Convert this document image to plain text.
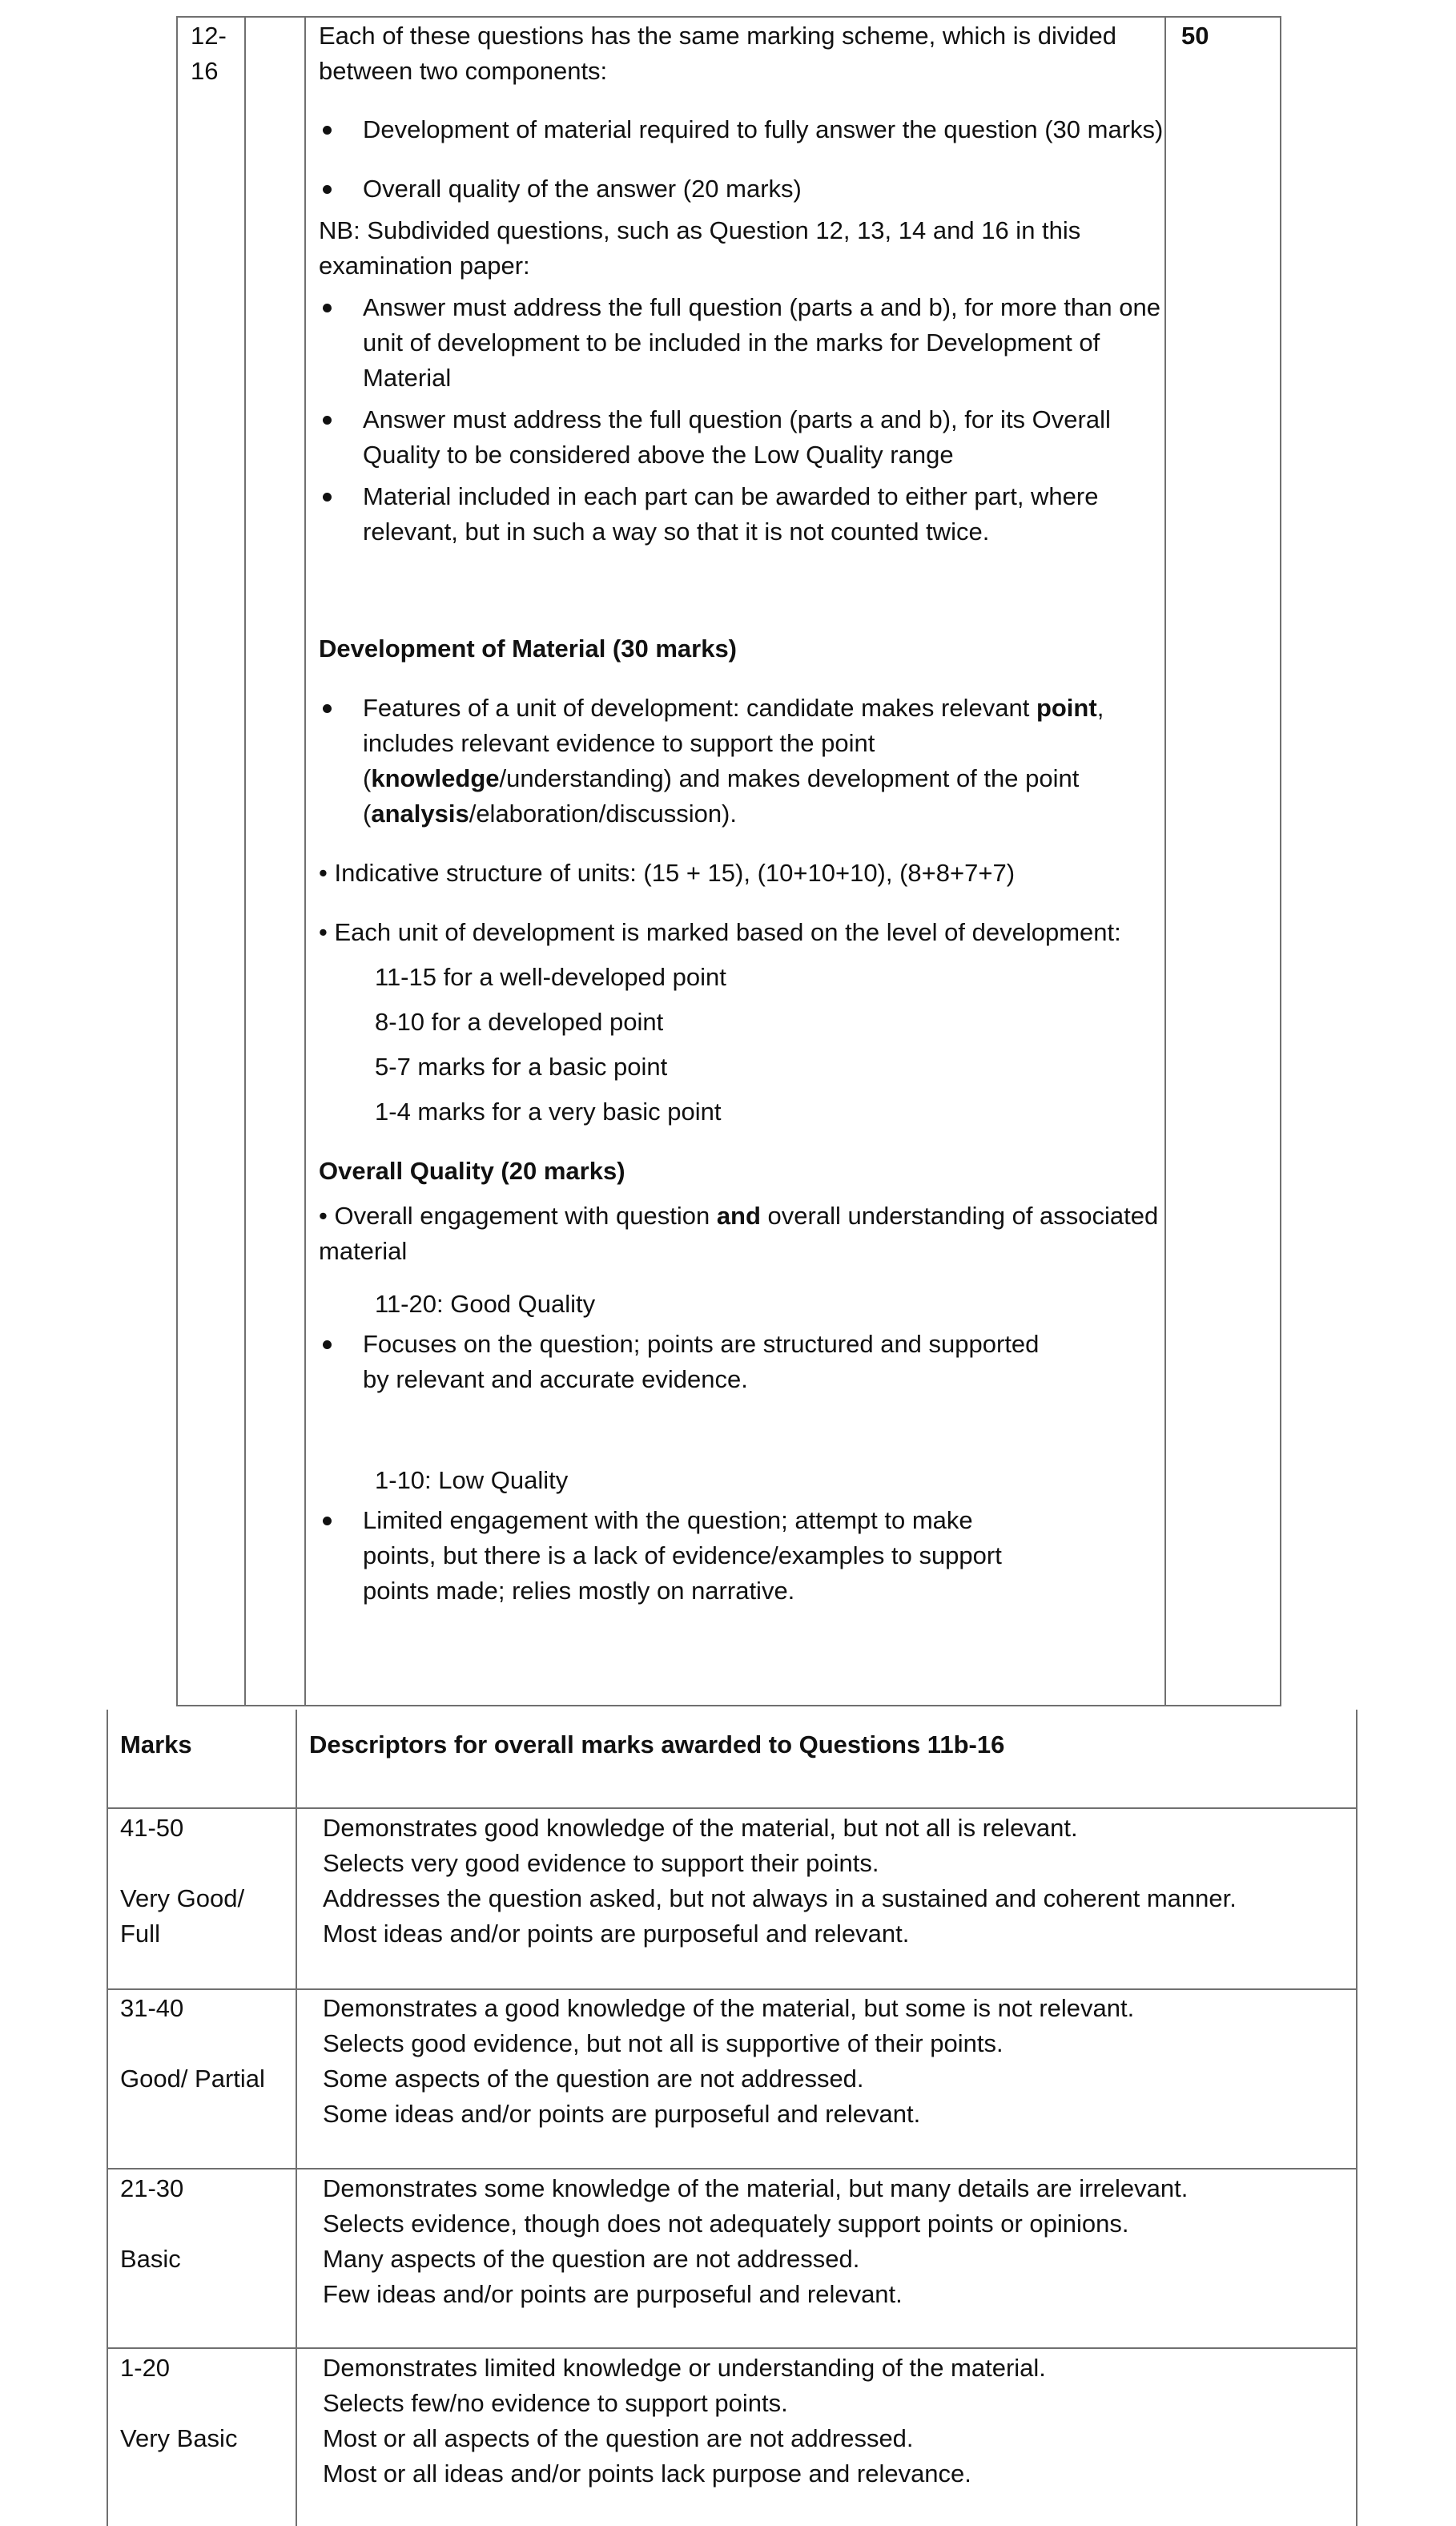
12-
16
50

Each of these questions has the same marking scheme, which is divided between two components:

Development of material required to fully answer the question (30 marks)

Overall quality of the answer (20 marks)

NB: Subdivided questions, such as Question 12, 13, 14 and 16 in this examination paper:

Answer must address the full question (parts a and b), for more than one unit of development to be included in the marks for Development of Material

Answer must address the full question (parts a and b), for its Overall Quality to be considered above the Low Quality range

Material included in each part can be awarded to either part, where relevant, but in such a way so that it is not counted twice.

Development of Material (30 marks)

Features of a unit of development: candidate makes relevant point, includes relevant evidence to support the point (knowledge/understanding) and makes development of the point (analysis/elaboration/discussion).

• Indicative structure of units: (15 + 15), (10+10+10), (8+8+7+7)

• Each unit of development is marked based on the level of development:

11-15 for a well-developed point

8-10 for a developed point

5-7 marks for a basic point

1-4 marks for a very basic point

Overall Quality (20 marks)

• Overall engagement with question and overall understanding of associated material

11-20: Good Quality

Focuses on the question; points are structured and supported by relevant and accurate evidence.

1-10: Low Quality

Limited engagement with the question; attempt to make points, but there is a lack of evidence/examples to support points made; relies mostly on narrative.

Marks	Descriptors for overall marks awarded to Questions 11b-16
41-50
Very Good/ Full
Demonstrates good knowledge of the material, but not all is relevant.
Selects very good evidence to support their points.
Addresses the question asked, but not always in a sustained and coherent manner.
Most ideas and/or points are purposeful and relevant.
31-40
Good/ Partial
Demonstrates a good knowledge of the material, but some is not relevant.
Selects good evidence, but not all is supportive of their points.
Some aspects of the question are not addressed.
Some ideas and/or points are purposeful and relevant.
21-30
Basic
Demonstrates some knowledge of the material, but many details are irrelevant.
Selects evidence, though does not adequately support points or opinions.
Many aspects of the question are not addressed.
Few ideas and/or points are purposeful and relevant.
1-20
Very Basic
Demonstrates limited knowledge or understanding of the material.
Selects few/no evidence to support points.
Most or all aspects of the question are not addressed.
Most or all ideas and/or points lack purpose and relevance.
